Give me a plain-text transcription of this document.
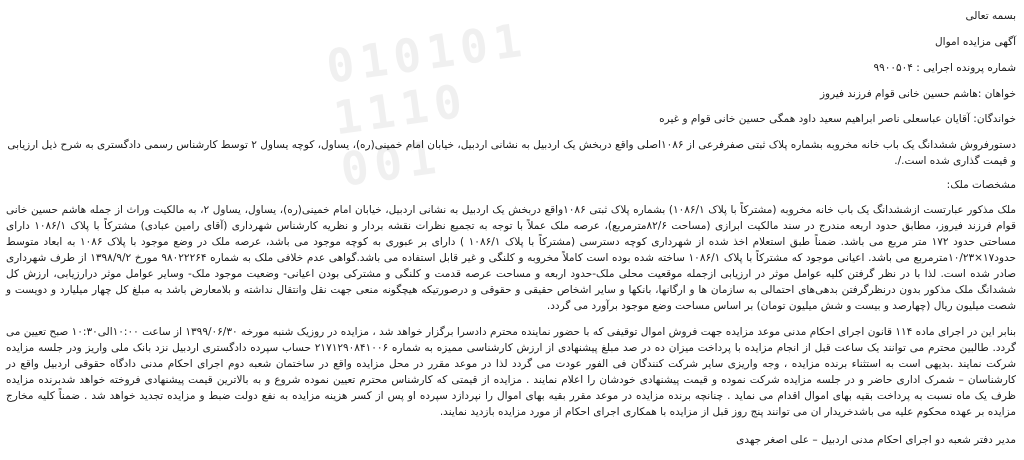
010101
1110
001

بسمه تعالی

آگهی مزایده اموال

شماره پرونده اجرایی : ۹۹۰۰۵۰۴

خواهان :هاشم حسین خانی قوام فرزند فیروز

خواندگان: آقایان عباسعلی ناصر ابراهیم سعید داود همگی حسین خانی قوام و غیره

دستورفروش ششدانگ یک باب خانه مخروبه بشماره پلاک ثبتی صفرفرعی از ۱۰۸۶اصلی واقع دربخش یک اردبیل به نشانی اردبیل، خیابان امام خمینی(ره)، یساول، کوچه یساول ۲ توسط کارشناس رسمی دادگستری به شرح ذیل ارزیابی و قیمت گذاری شده است./.

مشخصات ملک:

ملک مذکور عبارتست ازششدانگ یک باب خانه مخروبه (مشترکاً با پلاک ۱۰۸۶/۱) بشماره پلاک ثبتی ۱۰۸۶واقع دربخش یک اردبیل به نشانی اردبیل، خیابان امام خمینی(ره)، یساول، یساول ۲، به مالکیت وراث از جمله هاشم حسین خانی قوام فرزند فیروز، مطابق حدود اربعه مندرج در سند مالکیت ابرازی (مساحت ۸۲/۶مترمربع)، عرصه ملک عملاً با توجه به تجمیع نظرات نقشه بردار و نظریه کارشناس شهرداری (آقای رامین عبادی) مشترکاً با پلاک ۱۰۸۶/۱ دارای مساحتی حدود ۱۷۲ متر مربع می باشد. ضمناً طبق استعلام اخذ شده از شهرداری کوچه دسترسی (مشترکاً با پلاک ۱۰۸۶/۱ ) دارای بر عبوری به کوچه موجود می باشد، عرصه ملک در وضع موجود با پلاک ۱۰۸۶ به ابعاد متوسط حدود۱۷×۱۰/۲۳مترمربع می باشد. اعیانی موجود که مشترکاً با پلاک ۱۰۸۶/۱ ساخته شده بوده است کاملاً مخروبه و کلنگی و غیر قابل استفاده می باشد.گواهی عدم خلافی ملک به شماره ۹۸۰۲۲۲۶۴ مورخ ۱۳۹۸/۹/۲ از طرف شهرداری صادر شده است. لذا با در نظر گرفتن کلیه عوامل موثر در ارزیابی ازجمله موقعیت محلی ملک-حدود اربعه و مساحت عرصه قدمت و کلنگی و مشترکی بودن اعیانی- وضعیت موجود ملک- وسایر عوامل موثر درارزیابی، ارزش کل ششدانگ ملک مذکور بدون درنظرگرفتن بدهی‌های احتمالی به سازمان ها و ارگانها، بانکها و سایر اشخاص حقیقی و حقوقی و درصورتیکه هیچگونه منعی جهت نقل وانتقال نداشته و بلامعارض باشد به مبلغ کل چهار میلیارد و دویست و شصت میلیون ریال (چهارصد و بیست و شش میلیون تومان) بر اساس مساحت وضع موجود برآورد می گردد.

بنابر این در اجرای ماده ۱۱۴ قانون اجرای احکام مدنی موعد مزایده جهت فروش اموال توقیفی که با حضور نماینده محترم دادسرا برگزار خواهد شد ، مزایده در روزیک شنبه مورخه ۱۳۹۹/۰۶/۳۰ از ساعت ۱۰:۰۰الی۱۰:۳۰ صبح تعیین می گردد. طالبین محترم می توانند یک ساعت قبل از انجام مزایده با پرداخت میزان ده در صد مبلغ پیشنهادی از ارزش کارشناسی ممیزه به شماره ۲۱۷۱۲۹۰۸۴۱۰۰۶ حساب سپرده دادگستری اردبیل نزد بانک ملی واریز ودر جلسه مزایده شرکت نمایند .بدیهی است به استثناء برنده مزایده ، وجه واریزی سایر شرکت کنندگان فی الفور عودت می گردد لذا در موعد مقرر در محل مزایده واقع در ساختمان شعبه دوم اجرای احکام مدنی دادگاه حقوقی اردبیل واقع در کارشناسان – شمرک اداری حاضر و در جلسه مزایده شرکت نموده و قیمت پیشنهادی خودشان را اعلام نمایند . مزایده از قیمتی که کارشناس محترم تعیین نموده شروع و به بالاترین قیمت پیشنهادی فروخته خواهد شدبرنده مزایده ظرف یک ماه نسبت به پرداخت بقیه بهای اموال اقدام می نماید . چنانچه برنده مزایده در موعد مقرر بقیه بهای اموال را نپردازد سپرده او پس از کسر هزینه مزایده به نفع دولت ضبط و مزایده تجدید خواهد شد . ضمناً کلیه مخارج مزایده بر عهده محکوم علیه می باشدخریدار ان می توانند پنج روز قبل از مزایده با همکاری اجرای احکام از مورد مزایده بازدید نمایند.

مدیر دفتر شعبه دو اجرای احکام مدنی اردبیل – علی اصغر جهدی
